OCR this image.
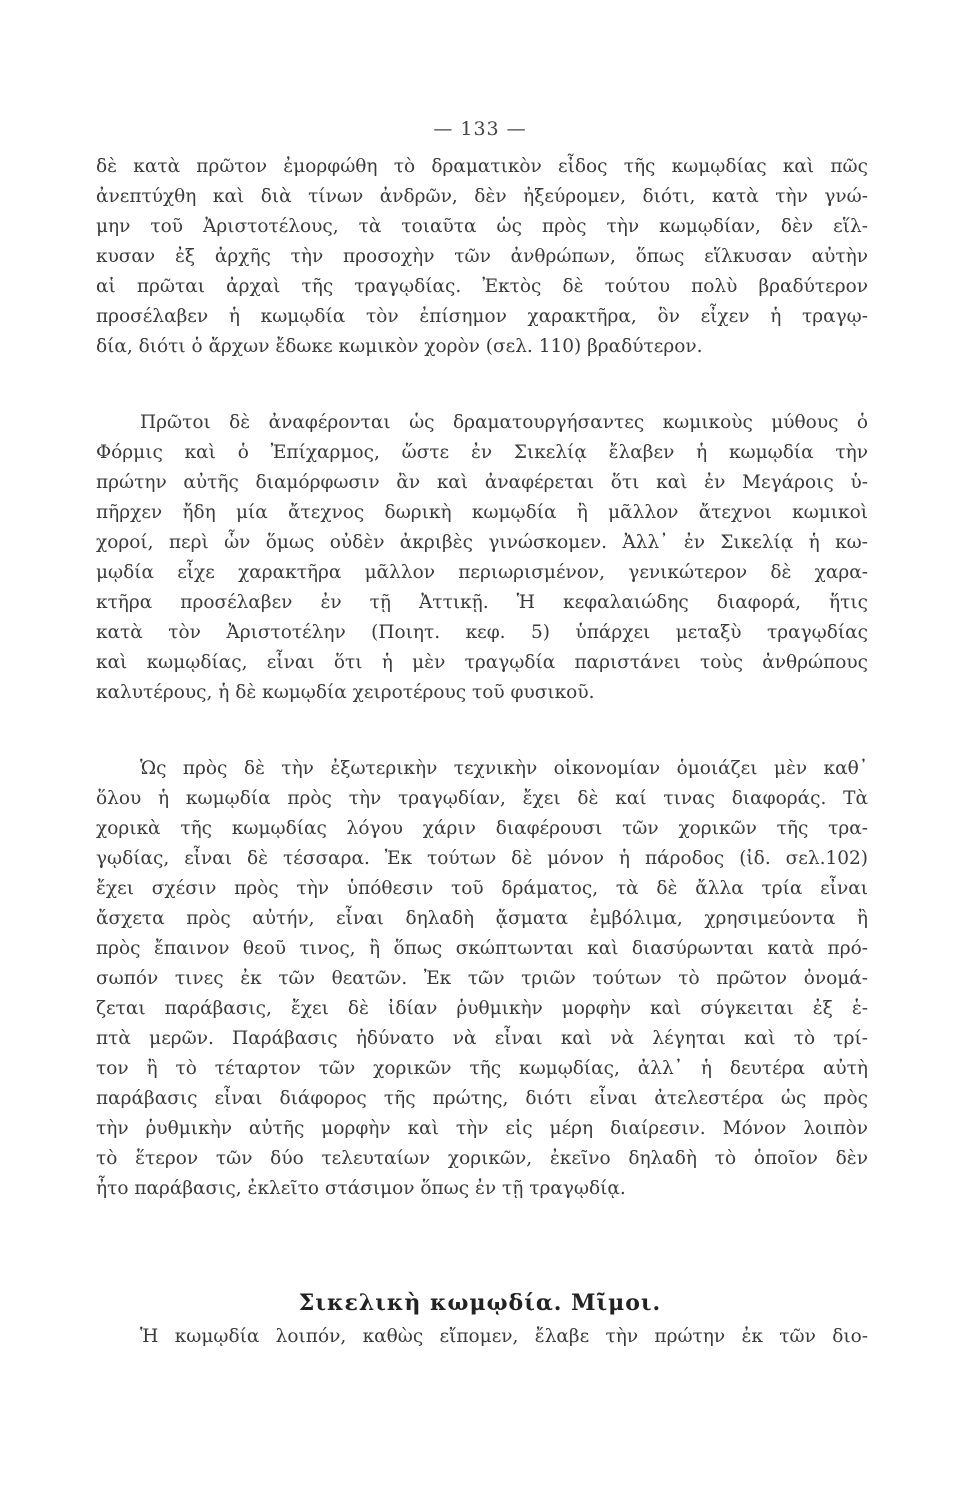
— 133 —
δὲ κατὰ πρῶτον ἐμορφώθη τὸ δραματικὸν εἶδος τῆς κωμῳδίας καὶ πῶς
ἀνεπτύχθη καὶ διὰ τίνων ἀνδρῶν, δὲν ἠξεύρομεν, διότι, κατὰ τὴν γνώ-
μην τοῦ Ἀριστοτέλους, τὰ τοιαῦτα ὡς πρὸς τὴν κωμῳδίαν, δὲν εἵλ-
κυσαν ἐξ ἀρχῆς τὴν προσοχὴν τῶν ἀνθρώπων, ὅπως εἵλκυσαν αὐτὴν
αἱ πρῶται ἀρχαὶ τῆς τραγῳδίας. Ἐκτὸς δὲ τούτου πολὺ βραδύτερον
προσέλαβεν ἡ κωμῳδία τὸν ἐπίσημον χαρακτῆρα, ὃν εἶχεν ἡ τραγῳ-
δία, διότι ὁ ἄρχων ἔδωκε κωμικὸν χορὸν (σελ. 110) βραδύτερον.
Πρῶτοι δὲ ἀναφέρονται ὡς δραματουργήσαντες κωμικοὺς μύθους ὁ
Φόρμις καὶ ὁ Ἐπίχαρμος, ὥστε ἐν Σικελίᾳ ἔλαβεν ἡ κωμῳδία τὴν
πρώτην αὐτῆς διαμόρφωσιν ἂν καὶ ἀναφέρεται ὅτι καὶ ἐν Μεγάροις ὑ-
πῆρχεν ἤδη μία ἄτεχνος δωρικὴ κωμῳδία ἢ μᾶλλον ἄτεχνοι κωμικοὶ
χοροί, περὶ ὧν ὅμως οὐδὲν ἀκριβὲς γινώσκομεν. Ἀλλ᾽ ἐν Σικελίᾳ ἡ κω-
μῳδία εἶχε χαρακτῆρα μᾶλλον περιωρισμένον, γενικώτερον δὲ χαρα-
κτῆρα προσέλαβεν ἐν τῇ Ἀττικῇ. Ἡ κεφαλαιώδης διαφορά, ἥτις
κατὰ τὸν Ἀριστοτέλην (Ποιητ. κεφ. 5) ὑπάρχει μεταξὺ τραγῳδίας
καὶ κωμῳδίας, εἶναι ὅτι ἡ μὲν τραγῳδία παριστάνει τοὺς ἀνθρώπους
καλυτέρους, ἡ δὲ κωμῳδία χειροτέρους τοῦ φυσικοῦ.
Ὡς πρὸς δὲ τὴν ἐξωτερικὴν τεχνικὴν οἰκονομίαν ὁμοιάζει μὲν καθ᾽
ὅλου ἡ κωμῳδία πρὸς τὴν τραγῳδίαν, ἔχει δὲ καί τινας διαφοράς. Τὰ
χορικὰ τῆς κωμῳδίας λόγου χάριν διαφέρουσι τῶν χορικῶν τῆς τρα-
γῳδίας, εἶναι δὲ τέσσαρα. Ἐκ τούτων δὲ μόνον ἡ πάροδος (ἰδ. σελ.102)
ἔχει σχέσιν πρὸς τὴν ὑπόθεσιν τοῦ δράματος, τὰ δὲ ἄλλα τρία εἶναι
ἄσχετα πρὸς αὐτήν, εἶναι δηλαδὴ ᾄσματα ἐμβόλιμα, χρησιμεύοντα ἢ
πρὸς ἔπαινον θεοῦ τινος, ἢ ὅπως σκώπτωνται καὶ διασύρωνται κατὰ πρό-
σωπόν τινες ἐκ τῶν θεατῶν. Ἐκ τῶν τριῶν τούτων τὸ πρῶτον ὀνομά-
ζεται παράβασις, ἔχει δὲ ἰδίαν ῥυθμικὴν μορφὴν καὶ σύγκειται ἐξ ἑ-
πτὰ μερῶν. Παράβασις ἠδύνατο νὰ εἶναι καὶ νὰ λέγηται καὶ τὸ τρί-
τον ἢ τὸ τέταρτον τῶν χορικῶν τῆς κωμῳδίας, ἀλλ᾽ ἡ δευτέρα αὐτὴ
παράβασις εἶναι διάφορος τῆς πρώτης, διότι εἶναι ἀτελεστέρα ὡς πρὸς
τὴν ῥυθμικὴν αὐτῆς μορφὴν καὶ τὴν εἰς μέρη διαίρεσιν. Μόνον λοιπὸν
τὸ ἕτερον τῶν δύο τελευταίων χορικῶν, ἐκεῖνο δηλαδὴ τὸ ὁποῖον δὲν
ἦτο παράβασις, ἐκλεῖτο στάσιμον ὅπως ἐν τῇ τραγῳδίᾳ.
Σικελικὴ κωμῳδία. Μῖμοι.
Ἡ κωμῳδία λοιπόν, καθὼς εἴπομεν, ἔλαβε τὴν πρώτην ἐκ τῶν διο-
